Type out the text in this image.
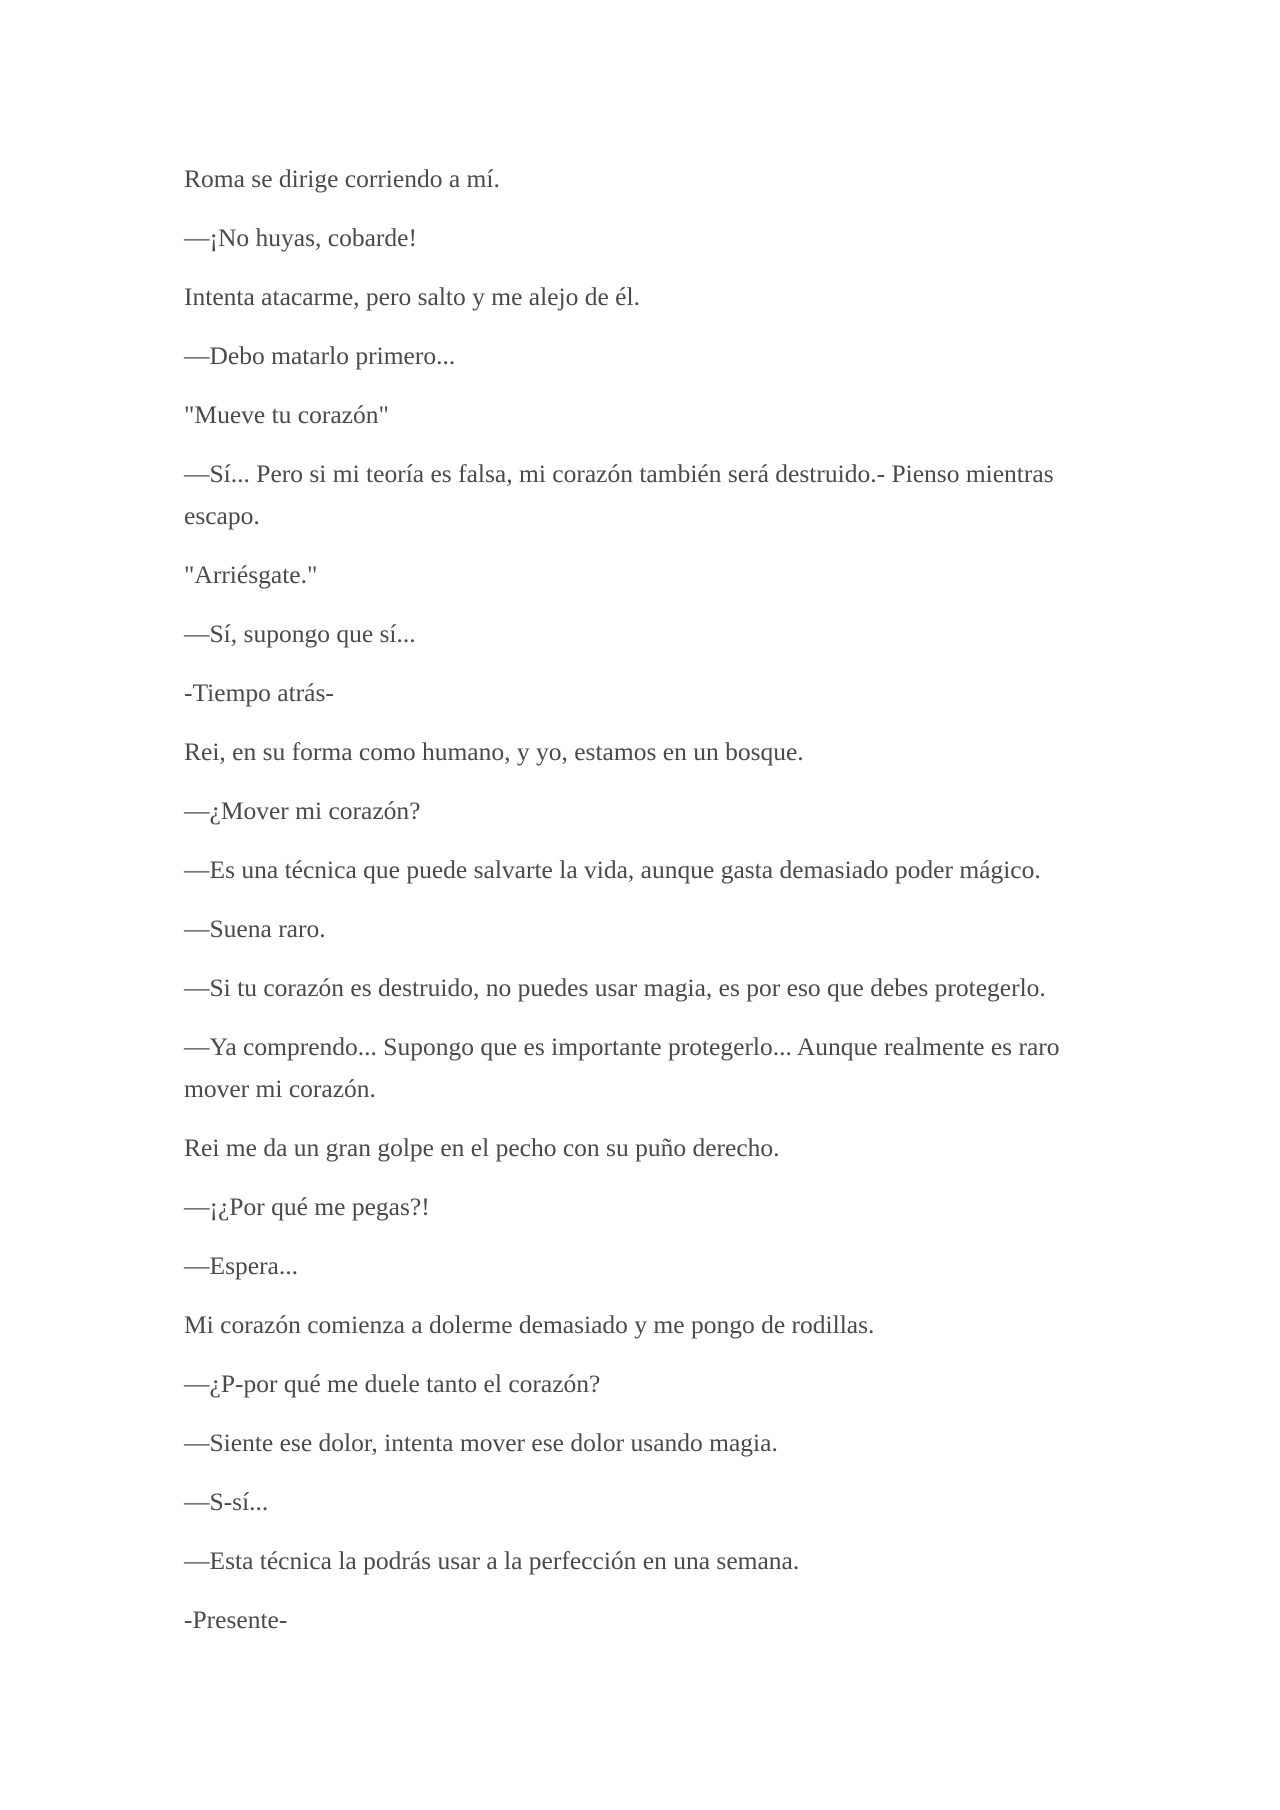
Roma se dirige corriendo a mí.

—¡No huyas, cobarde!

Intenta atacarme, pero salto y me alejo de él.

—Debo matarlo primero...

"Mueve tu corazón"

—Sí... Pero si mi teoría es falsa, mi corazón también será destruido.- Pienso mientras escapo.

"Arriésgate."

—Sí, supongo que sí...

-Tiempo atrás-

Rei, en su forma como humano, y yo, estamos en un bosque.

—¿Mover mi corazón?

—Es una técnica que puede salvarte la vida, aunque gasta demasiado poder mágico.

—Suena raro.

—Si tu corazón es destruido, no puedes usar magia, es por eso que debes protegerlo.

—Ya comprendo... Supongo que es importante protegerlo... Aunque realmente es raro mover mi corazón.

Rei me da un gran golpe en el pecho con su puño derecho.

—¡¿Por qué me pegas?!

—Espera...

Mi corazón comienza a dolerme demasiado y me pongo de rodillas.

—¿P-por qué me duele tanto el corazón?

—Siente ese dolor, intenta mover ese dolor usando magia.

—S-sí...

—Esta técnica la podrás usar a la perfección en una semana.

-Presente-
